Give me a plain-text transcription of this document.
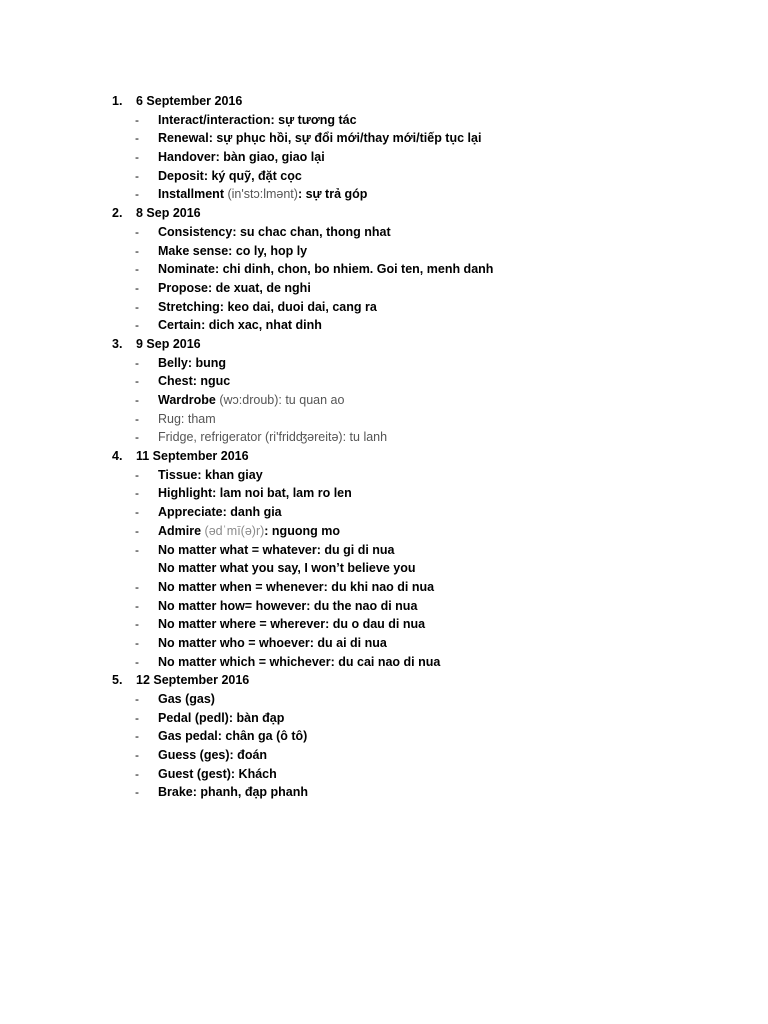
1. 6 September 2016
- Interact/interaction: sự tương tác
- Renewal: sự phục hồi, sự đổi mới/thay mới/tiếp tục lại
- Handover: bàn giao, giao lại
- Deposit: ký quỹ, đặt cọc
- Installment (in'stɔ:lmənt): sự trả góp
2. 8 Sep 2016
- Consistency: su chac chan, thong nhat
- Make sense: co ly, hop ly
- Nominate: chi dinh, chon, bo nhiem. Goi ten, menh danh
- Propose: de xuat, de nghi
- Stretching: keo dai, duoi dai, cang ra
- Certain: dich xac, nhat dinh
3. 9 Sep 2016
- Belly: bung
- Chest: nguc
- Wardrobe (wɔ:droub): tu quan ao
- Rug: tham
- Fridge, refrigerator (ri'fridʤəreitə): tu lanh
4. 11 September 2016
- Tissue: khan giay
- Highlight: lam noi bat, lam ro len
- Appreciate: danh gia
- Admire (ədˈmī(ə)r): nguong mo
- No matter what = whatever: du gi di nua
No matter what you say, I won’t believe you
- No matter when = whenever: du khi nao di nua
- No matter how= however: du the nao di nua
- No matter where = wherever: du o dau di nua
- No matter who = whoever: du ai di nua
- No matter which = whichever: du cai nao di nua
5. 12 September 2016
- Gas (gas)
- Pedal (pedl): bàn đạp
- Gas pedal: chân ga (ô tô)
- Guess (ges): đoán
- Guest (gest): Khách
- Brake: phanh, đạp phanh
